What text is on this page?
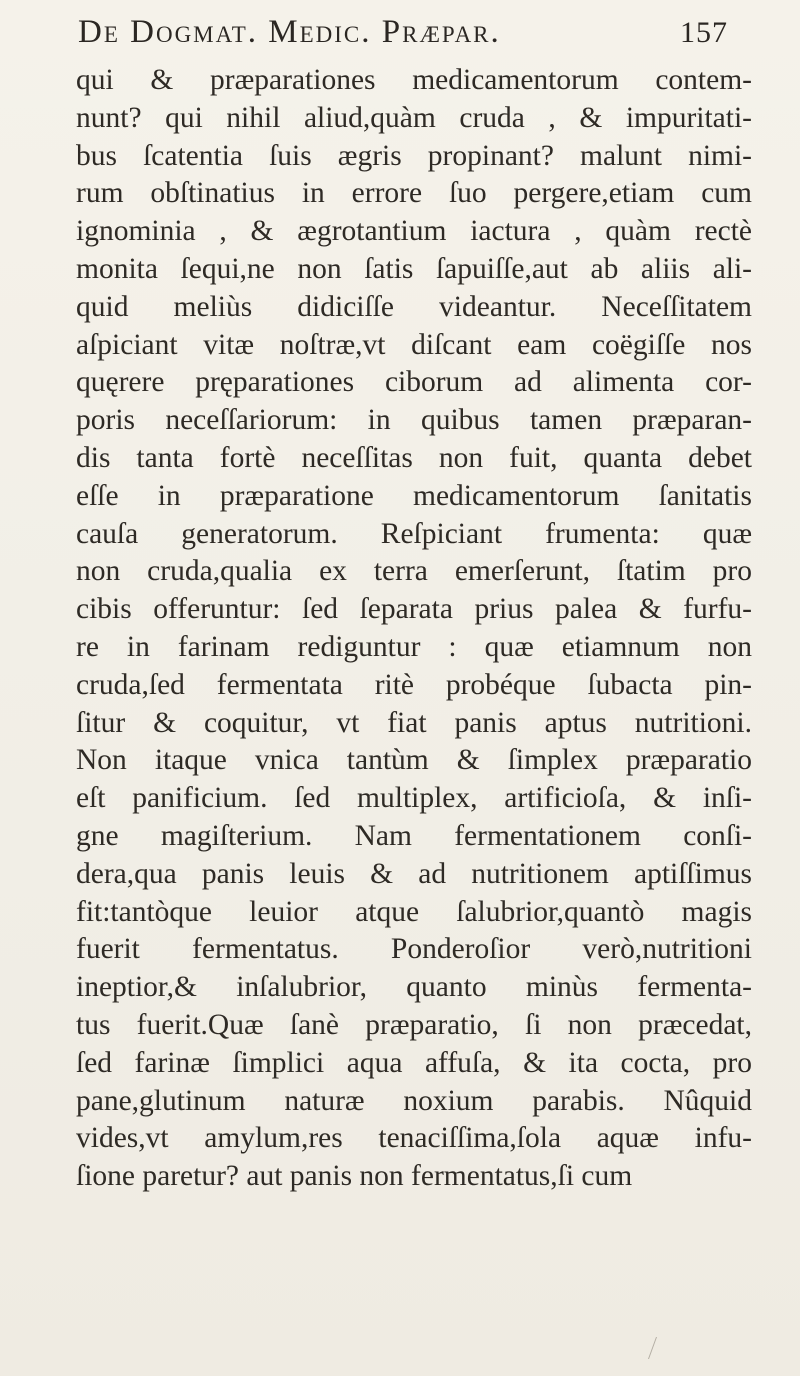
De Dogmat. Medic. Præpar.	157
qui & præparationes medicamentorum contem-
nunt? qui nihil aliud,quàm cruda , & impuritati-
bus ſcatentia ſuis ægris propinant? malunt nimi-
rum obſtinatius in errore ſuo pergere,etiam cum
ignominia , & ægrotantium iactura , quàm rectè
monita ſequi,ne non ſatis ſapuiſſe,aut ab aliis ali-
quid meliùs didiciſſe videantur. Neceſſitatem
aſpiciant vitæ noſtræ,vt diſcant eam coëgiſſe nos
quęrere pręparationes ciborum ad alimenta cor-
poris neceſſariorum: in quibus tamen præparan-
dis tanta fortè neceſſitas non fuit, quanta debet
eſſe in præparatione medicamentorum ſanitatis
cauſa generatorum. Reſpiciant frumenta: quæ
non cruda,qualia ex terra emerſerunt, ſtatim pro
cibis offeruntur: ſed ſeparata prius palea & furfu-
re in farinam rediguntur : quæ etiamnum non
cruda,ſed fermentata ritè probéque ſubacta pin-
ſitur & coquitur, vt fiat panis aptus nutritioni.
Non itaque vnica tantùm & ſimplex præparatio
eſt panificium. ſed multiplex, artificioſa, & inſi-
gne magiſterium. Nam fermentationem conſi-
dera,qua panis leuis & ad nutritionem aptiſſimus
fit:tantòque leuior atque ſalubrior,quantò magis
fuerit fermentatus. Ponderoſior verò,nutritioni
ineptior,& inſalubrior, quanto minùs fermenta-
tus fuerit.Quæ ſanè præparatio, ſi non præcedat,
ſed farinæ ſimplici aqua affuſa, & ita cocta, pro
pane,glutinum naturæ noxium parabis. Nûquid
vides,vt amylum,res tenaciſſima,ſola aquæ infu-
ſione paretur? aut panis non fermentatus,ſi cum
